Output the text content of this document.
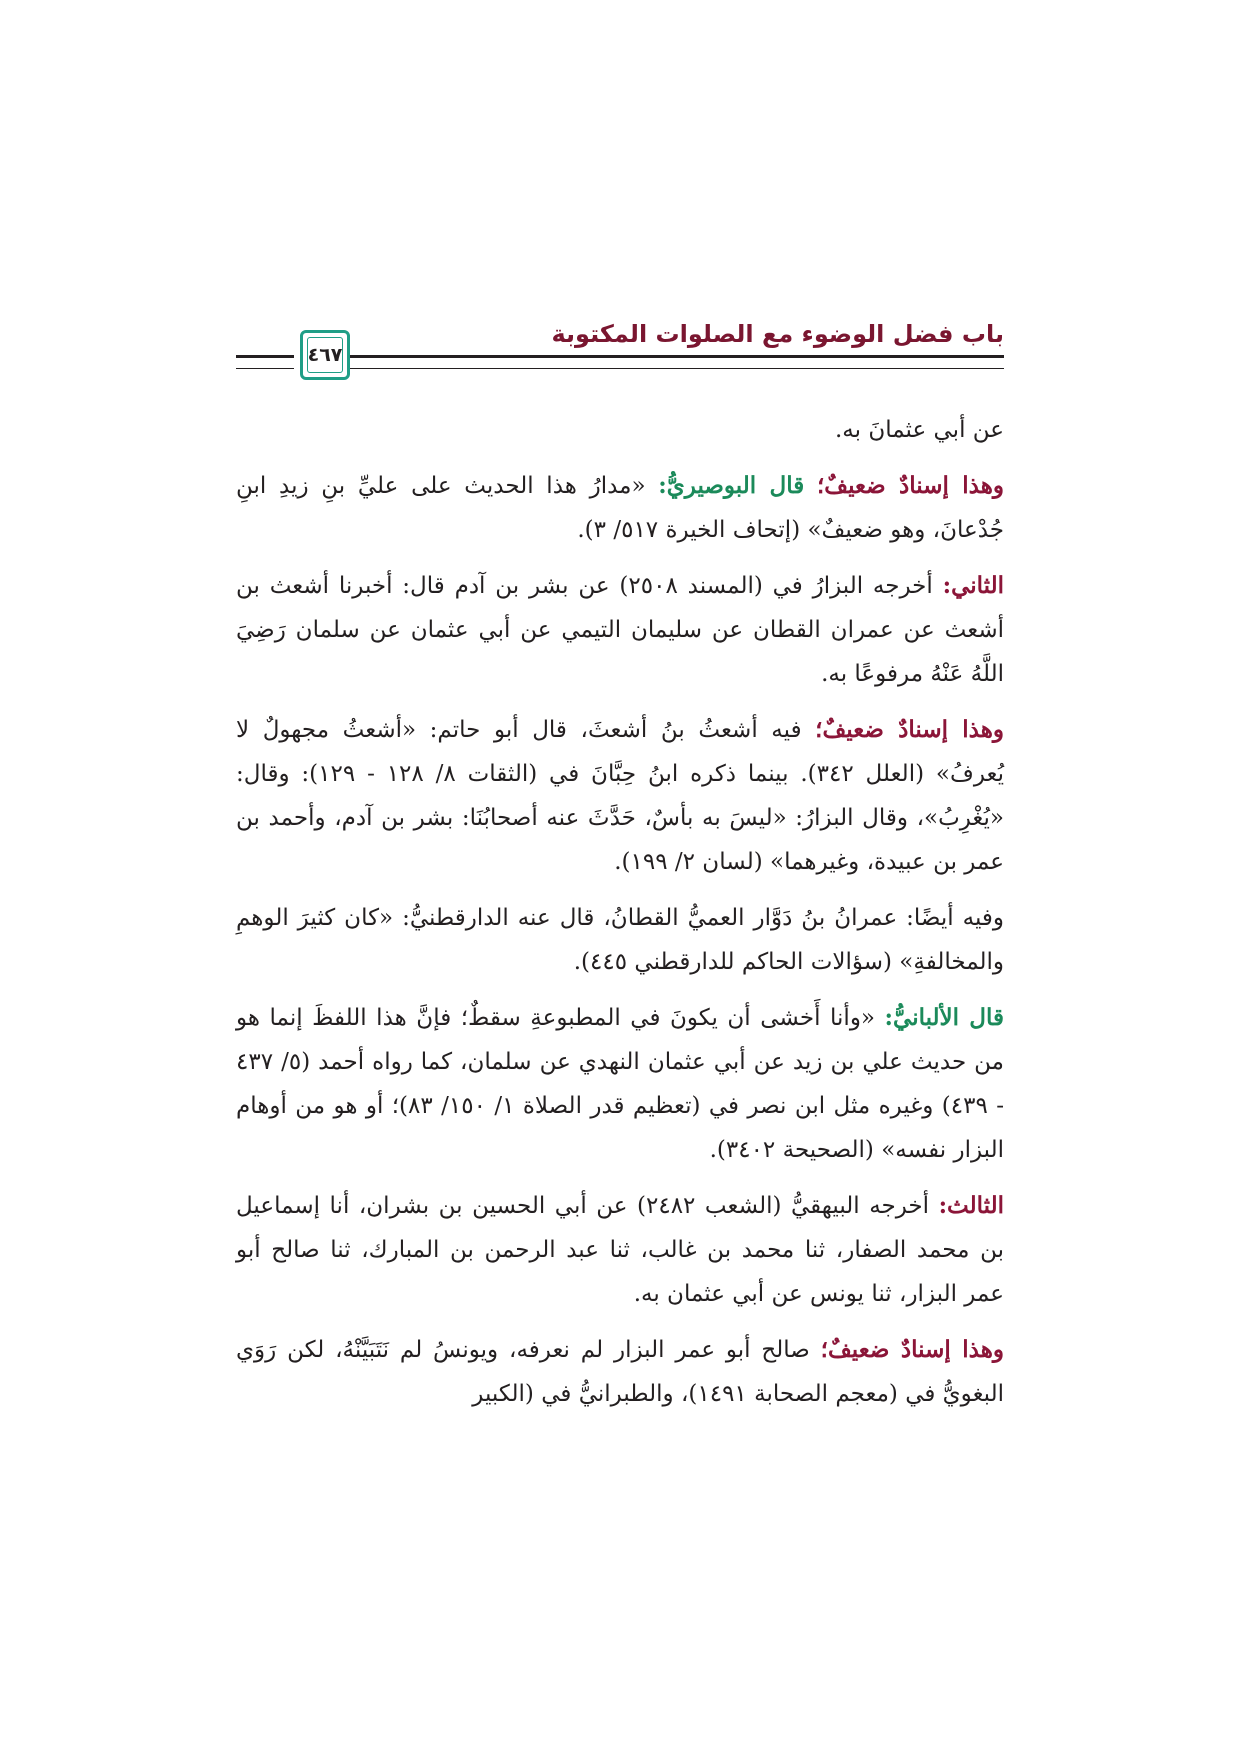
باب فضل الوضوء مع الصلوات المكتوبة
٤٦٧

عن أبي عثمانَ به.

وهذا إسنادٌ ضعيفٌ؛ قال البوصيريُّ: «مدارُ هذا الحديث على عليِّ بنِ زيدِ ابنِ جُدْعانَ، وهو ضعيفٌ» (إتحاف الخيرة ٥١٧/ ٣).

الثاني: أخرجه البزارُ في (المسند ٢٥٠٨) عن بشر بن آدم قال: أخبرنا أشعث بن أشعث عن عمران القطان عن سليمان التيمي عن أبي عثمان عن سلمان رَضِيَ اللَّهُ عَنْهُ مرفوعًا به.

وهذا إسنادٌ ضعيفٌ؛ فيه أشعثُ بنُ أشعثَ، قال أبو حاتم: «أشعثُ مجهولٌ لا يُعرفُ» (العلل ٣٤٢). بينما ذكره ابنُ حِبَّانَ في (الثقات ٨/ ١٢٨ - ١٢٩): وقال: «يُغْرِبُ»، وقال البزارُ: «ليسَ به بأسٌ، حَدَّثَ عنه أصحابُنَا: بشر بن آدم، وأحمد بن عمر بن عبيدة، وغيرهما» (لسان ٢/ ١٩٩).

وفيه أيضًا: عمرانُ بنُ دَوَّار العميُّ القطانُ، قال عنه الدارقطنيُّ: «كان كثيرَ الوهمِ والمخالفةِ» (سؤالات الحاكم للدارقطني ٤٤٥).

قال الألبانيُّ: «وأنا أَخشى أن يكونَ في المطبوعةِ سقطٌ؛ فإنَّ هذا اللفظَ إنما هو من حديث علي بن زيد عن أبي عثمان النهدي عن سلمان، كما رواه أحمد (٥/ ٤٣٧ - ٤٣٩) وغيره مثل ابن نصر في (تعظيم قدر الصلاة ١/ ١٥٠/ ٨٣)؛ أو هو من أوهام البزار نفسه» (الصحيحة ٣٤٠٢).

الثالث: أخرجه البيهقيُّ (الشعب ٢٤٨٢) عن أبي الحسين بن بشران، أنا إسماعيل بن محمد الصفار، ثنا محمد بن غالب، ثنا عبد الرحمن بن المبارك، ثنا صالح أبو عمر البزار، ثنا يونس عن أبي عثمان به.

وهذا إسنادٌ ضعيفٌ؛ صالح أبو عمر البزار لم نعرفه، ويونسُ لم نَتَبَيَّنْهُ، لكن رَوَي البغويُّ في (معجم الصحابة ١٤٩١)، والطبرانيُّ في (الكبير
